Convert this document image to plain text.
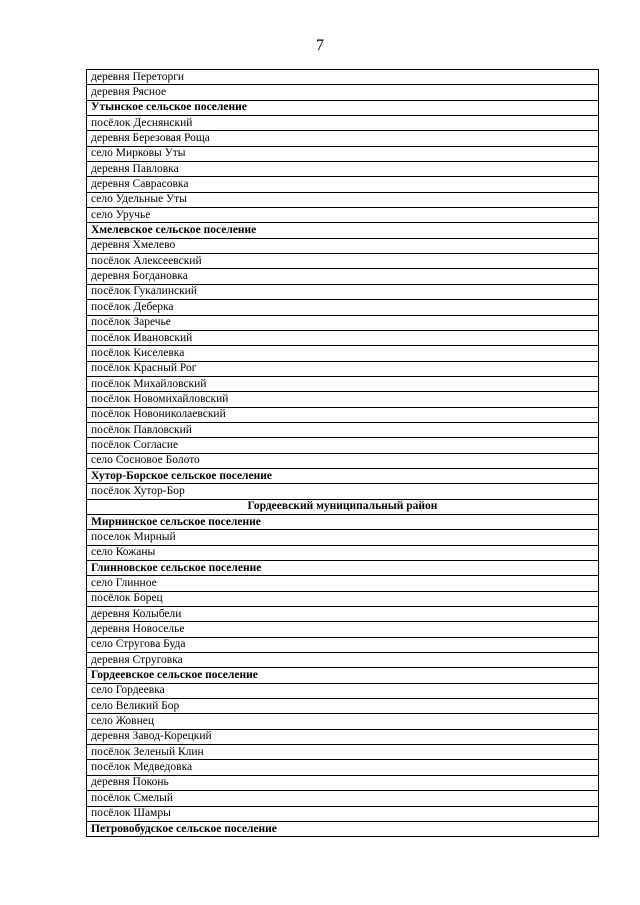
7
деревня Переторги
деревня Рясное
Утынское сельское поселение
посёлок Деснянский
деревня Березовая Роща
село Мирковы Уты
деревня Павловка
деревня Саврасовка
село Удельные Уты
село Уручье
Хмелевское сельское поселение
деревня Хмелево
посёлок Алексеевский
деревня Богдановка
посёлок Гукалинский
посёлок Деберка
посёлок Заречье
посёлок Ивановский
посёлок Киселевка
посёлок Красный Рог
посёлок Михайловский
посёлок Новомихайловский
посёлок Новониколаевский
посёлок Павловский
посёлок Согласие
село Сосновое Болото
Хутор-Борское сельское поселение
посёлок Хутор-Бор
Гордеевский муниципальный район
Мирнинское сельское поселение
поселок Мирный
село Кожаны
Глинновское сельское поселение
село Глинное
посёлок Борец
деревня Колыбели
деревня Новоселье
село Стругова Буда
деревня Струговка
Гордеевское сельское поселение
село Гордеевка
село Великий Бор
село Жовнец
деревня Завод-Корецкий
посёлок Зеленый Клин
посёлок Медведовка
деревня Поконь
посёлок Смелый
посёлок Шамры
Петровобудское сельское поселение
